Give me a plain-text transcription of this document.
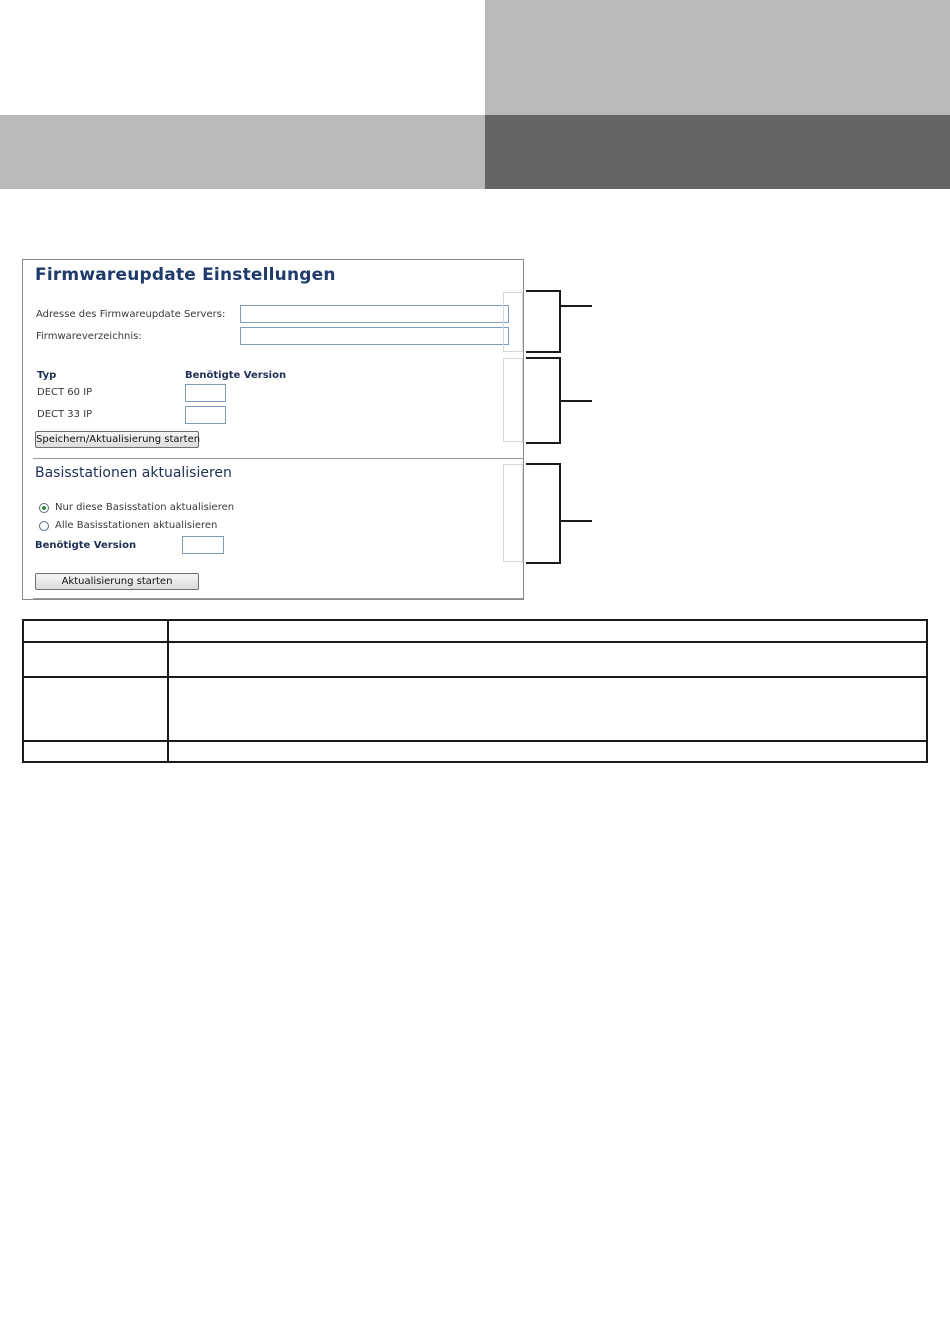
Firmwareupdate Einstellungen
Adresse des Firmwareupdate Servers:
Firmwareverzeichnis:
Typ	Benötigte Version
DECT 60 IP
DECT 33 IP
Speichern/Aktualisierung starten
Basisstationen aktualisieren
Nur diese Basisstation aktualisieren
Alle Basisstationen aktualisieren
Benötigte Version
Aktualisierung starten
